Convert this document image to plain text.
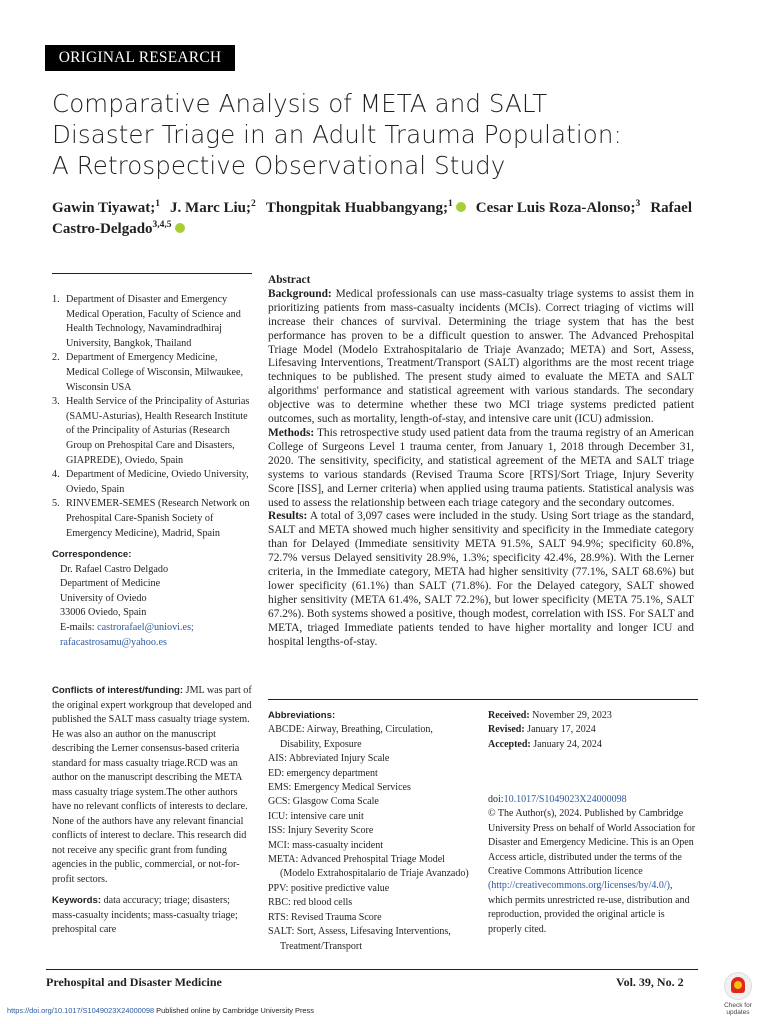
ORIGINAL RESEARCH
Comparative Analysis of META and SALT
Disaster Triage in an Adult Trauma Population:
A Retrospective Observational Study
Gawin Tiyawat;$^1$ J. Marc Liu;$^2$ Thongpitak Huabbangyang;$^1$	Cesar Luis Roza-Alonso;$^3$ Rafael
Castro-Delgado$^{3,4,5}$
1. Department of Disaster and Emergency Medical Operation, Faculty of Science and Health Technology, Navamindradhiraj University, Bangkok, Thailand
2. Department of Emergency Medicine, Medical College of Wisconsin, Milwaukee, Wisconsin USA
3. Health Service of the Principality of Asturias (SAMU-Asturias), Health Research Institute of the Principality of Asturias (Research Group on Prehospital Care and Disasters, GIAPREDE), Oviedo, Spain
4. Department of Medicine, Oviedo University, Oviedo, Spain
5. RINVEMER-SEMES (Research Network on Prehospital Care-Spanish Society of Emergency Medicine), Madrid, Spain
Correspondence:
Dr. Rafael Castro Delgado
Department of Medicine
University of Oviedo
33006 Oviedo, Spain
E-mails: castrorafael@uniovi.es;
rafacastrosamu@yahoo.es
Conflicts of interest/funding: JML was part of the original expert workgroup that developed and published the SALT mass casualty triage system. He was also an author on the manuscript describing the Lerner consensus-based criteria standard for mass casualty triage.RCD was an author on the manuscript describing the META mass casualty triage system.The other authors have no relevant conflicts of interests to declare. None of the authors have any relevant financial conflicts of interest to declare. This research did not receive any specific grant from funding agencies in the public, commercial, or not-for-profit sectors.
Keywords: data accuracy; triage; disasters; mass-casualty incidents; mass-casualty triage; prehospital care
Abstract
Background: Medical professionals can use mass-casualty triage systems to assist them in prioritizing patients from mass-casualty incidents (MCIs). Correct triaging of victims will increase their chances of survival. Determining the triage system that has the best performance has proven to be a difficult question to answer. The Advanced Prehospital Triage Model (Modelo Extrahospitalario de Triaje Avanzado; META) and Sort, Assess, Lifesaving Interventions, Treatment/Transport (SALT) algorithms are the most recent triage techniques to be published. The present study aimed to evaluate the META and SALT algorithms' performance and statistical agreement with various standards. The secondary objective was to determine whether these two MCI triage systems predicted patient outcomes, such as mortality, length-of-stay, and intensive care unit (ICU) admission.
Methods: This retrospective study used patient data from the trauma registry of an American College of Surgeons Level 1 trauma center, from January 1, 2018 through December 31, 2020. The sensitivity, specificity, and statistical agreement of the META and SALT triage systems to various standards (Revised Trauma Score [RTS]/Sort Triage, Injury Severity Score [ISS], and Lerner criteria) when applied using trauma patients. Statistical analysis was used to assess the relationship between each triage category and the secondary outcomes.
Results: A total of 3,097 cases were included in the study. Using Sort triage as the standard, SALT and META showed much higher sensitivity and specificity in the Immediate category than for Delayed (Immediate sensitivity META 91.5%, SALT 94.9%; specificity 60.8%, 72.7% versus Delayed sensitivity 28.9%, 1.3%; specificity 42.4%, 28.9%). With the Lerner criteria, in the Immediate category, META had higher sensitivity (77.1%, SALT 68.6%) but lower specificity (61.1%) than SALT (71.8%). For the Delayed category, SALT showed higher sensitivity (META 61.4%, SALT 72.2%), but lower specificity (META 75.1%, SALT 67.2%). Both systems showed a positive, though modest, correlation with ISS. For SALT and META, triaged Immediate patients tended to have higher mortality and longer ICU and hospital lengths-of-stay.
Abbreviations:
ABCDE: Airway, Breathing, Circulation,
Disability, Exposure
AIS: Abbreviated Injury Scale
ED: emergency department
EMS: Emergency Medical Services
GCS: Glasgow Coma Scale
ICU: intensive care unit
ISS: Injury Severity Score
MCI: mass-casualty incident
META: Advanced Prehospital Triage Model
(Modelo Extrahospitalario de Triaje Avanzado)
PPV: positive predictive value
RBC: red blood cells
RTS: Revised Trauma Score
SALT: Sort, Assess, Lifesaving Interventions,
Treatment/Transport
Received: November 29, 2023
Revised: January 17, 2024
Accepted: January 24, 2024
doi:10.1017/S1049023X24000098
© The Author(s), 2024. Published by Cambridge University Press on behalf of World Association for Disaster and Emergency Medicine. This is an Open Access article, distributed under the terms of the Creative Commons Attribution licence (http://creativecommons.org/licenses/by/4.0/), which permits unrestricted re-use, distribution and reproduction, provided the original article is properly cited.
Prehospital and Disaster Medicine	Vol. 39, No. 2
https://doi.org/10.1017/S1049023X24000098 Published online by Cambridge University Press
Check for
updates
